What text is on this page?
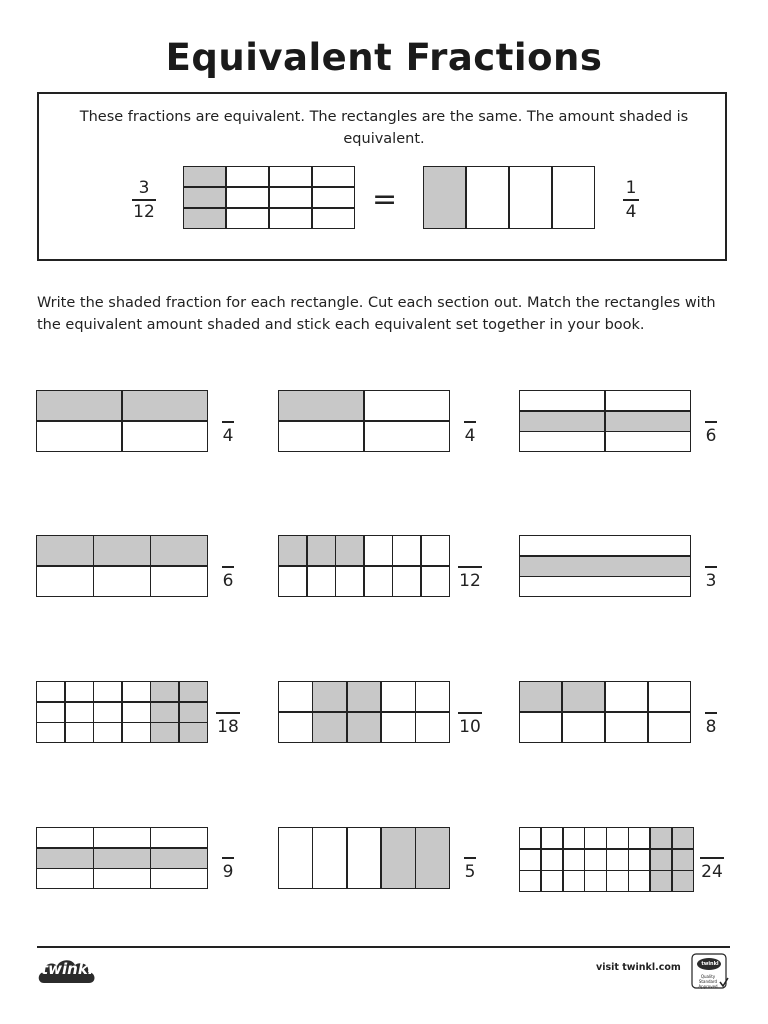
Equivalent Fractions
These fractions are equivalent. The rectangles are the same. The amount shaded is equivalent.
3
12	=	1
4
Write the shaded fraction for each rectangle. Cut each section out. Match the rectangles with the equivalent amount shaded and stick each equivalent set together in your book.
4	4	6
6	12	3
18	10	8
9	5	24
twinkl	visit twinkl.com	twinkl
Quality Standard Approved
